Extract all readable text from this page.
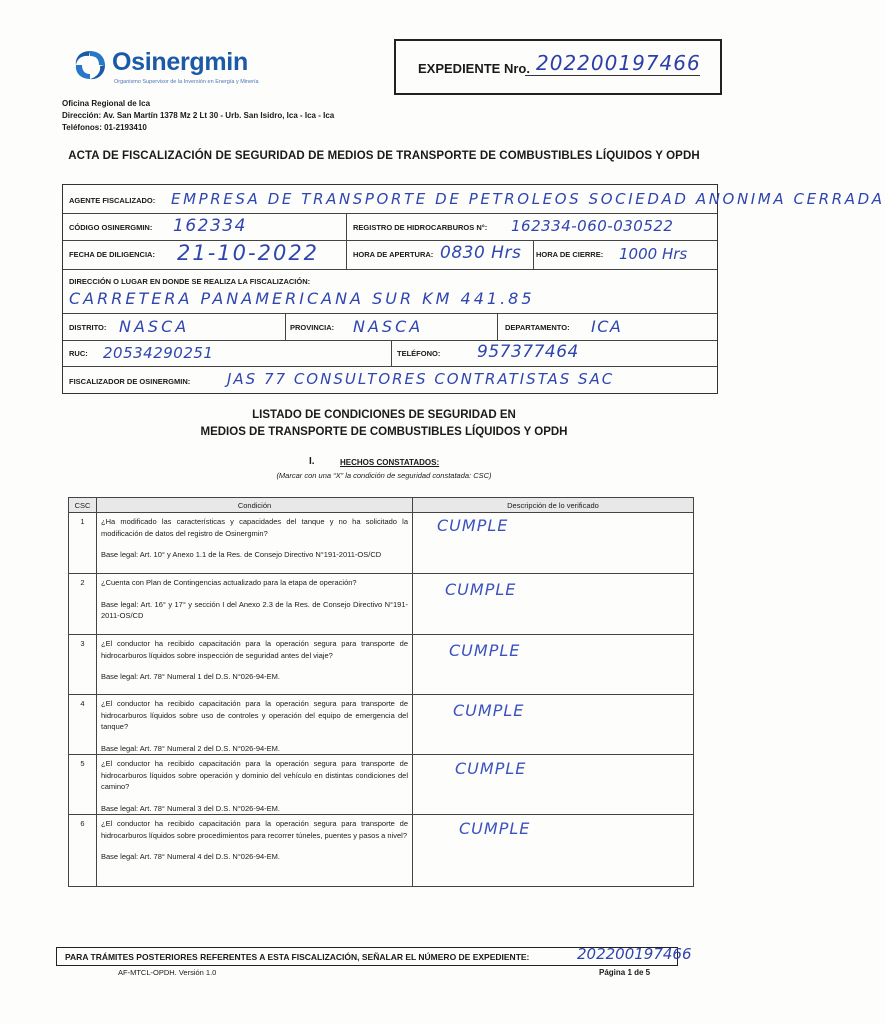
Osinergmin
Organismo Supervisor de la Inversión en Energía y Minería
EXPEDIENTE Nro. 202200197466
Oficina Regional de Ica
Dirección: Av. San Martín 1378 Mz 2 Lt 30 - Urb. San Isidro, Ica - Ica - Ica
Teléfonos: 01-2193410
ACTA DE FISCALIZACIÓN DE SEGURIDAD DE MEDIOS DE TRANSPORTE DE COMBUSTIBLES LÍQUIDOS Y OPDH
AGENTE FISCALIZADO: EMPRESA DE TRANSPORTE DE PETROLEOS SOCIEDAD ANONIMA CERRADA
CÓDIGO OSINERGMIN: 162334	REGISTRO DE HIDROCARBUROS N°: 162334-060-030522
FECHA DE DILIGENCIA: 21-10-2022	HORA DE APERTURA: 0830 Hrs HORA DE CIERRE: 1000 Hrs
DIRECCIÓN O LUGAR EN DONDE SE REALIZA LA FISCALIZACIÓN:
CARRETERA PANAMERICANA SUR KM 441.85
DISTRITO: NASCA	PROVINCIA: NASCA	DEPARTAMENTO: ICA
RUC: 20534290251	TELÉFONO: 957377464
FISCALIZADOR DE OSINERGMIN: JAS 77 CONSULTORES CONTRATISTAS SAC
LISTADO DE CONDICIONES DE SEGURIDAD EN
MEDIOS DE TRANSPORTE DE COMBUSTIBLES LÍQUIDOS Y OPDH
I.	HECHOS CONSTATADOS:
(Marcar con una “X” la condición de seguridad constatada: CSC)
CSC	Condición	Descripción de lo verificado
1	¿Ha modificado las características y capacidades del tanque y no ha solicitado la modificación de datos del registro de Osinergmin?
Base legal: Art. 10° y Anexo 1.1 de la Res. de Consejo Directivo N°191-2011-OS/CD	CUMPLE

2	¿Cuenta con Plan de Contingencias actualizado para la etapa de operación?
Base legal: Art. 16° y 17° y sección I del Anexo 2.3 de la Res. de Consejo Directivo N°191-2011-OS/CD	CUMPLE

3	¿El conductor ha recibido capacitación para la operación segura para transporte de hidrocarburos líquidos sobre inspección de seguridad antes del viaje?
Base legal: Art. 78° Numeral 1 del D.S. N°026-94-EM.	CUMPLE

4	¿El conductor ha recibido capacitación para la operación segura para transporte de hidrocarburos líquidos sobre uso de controles y operación del equipo de emergencia del tanque?
Base legal: Art. 78° Numeral 2 del D.S. N°026-94-EM.	CUMPLE

5	¿El conductor ha recibido capacitación para la operación segura para transporte de hidrocarburos líquidos sobre operación y dominio del vehículo en distintas condiciones del camino?
Base legal: Art. 78° Numeral 3 del D.S. N°026-94-EM.	CUMPLE

6	¿El conductor ha recibido capacitación para la operación segura para transporte de hidrocarburos líquidos sobre procedimientos para recorrer túneles, puentes y pasos a nivel?
Base legal: Art. 78° Numeral 4 del D.S. N°026-94-EM.	CUMPLE
PARA TRÁMITES POSTERIORES REFERENTES A ESTA FISCALIZACIÓN, SEÑALAR EL NÚMERO DE EXPEDIENTE:	202200197466
AF-MTCL-OPDH. Versión 1.0	Página 1 de 5
